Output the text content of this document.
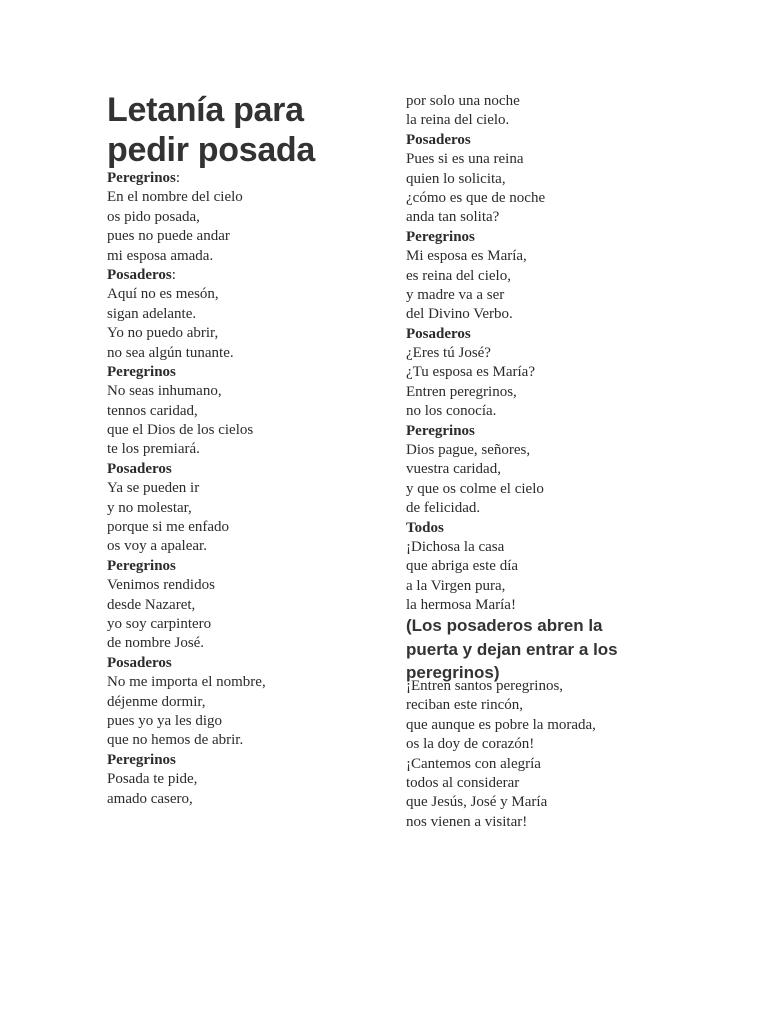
Letanía para
pedir posada
Peregrinos:
En el nombre del cielo
os pido posada,
pues no puede andar
mi esposa amada.
Posaderos:
Aquí no es mesón,
sigan adelante.
Yo no puedo abrir,
no sea algún tunante.
Peregrinos
No seas inhumano,
tennos caridad,
que el Dios de los cielos
te los premiará.
Posaderos
Ya se pueden ir
y no molestar,
porque si me enfado
os voy a apalear.
Peregrinos
Venimos rendidos
desde Nazaret,
yo soy carpintero
de nombre José.
Posaderos
No me importa el nombre,
déjenme dormir,
pues yo ya les digo
que no hemos de abrir.
Peregrinos
Posada te pide,
amado casero,
por solo una noche
la reina del cielo.
Posaderos
Pues si es una reina
quien lo solicita,
¿cómo es que de noche
anda tan solita?
Peregrinos
Mi esposa es María,
es reina del cielo,
y madre va a ser
del Divino Verbo.
Posaderos
¿Eres tú José?
¿Tu esposa es María?
Entren peregrinos,
no los conocía.
Peregrinos
Dios pague, señores,
vuestra caridad,
y que os colme el cielo
de felicidad.
Todos
¡Dichosa la casa
que abriga este día
a la Virgen pura,
la hermosa María!
(Los posaderos abren la
puerta y dejan entrar a los
peregrinos)
¡Entren santos peregrinos,
reciban este rincón,
que aunque es pobre la morada,
os la doy de corazón!
¡Cantemos con alegría
todos al considerar
que Jesús, José y María
nos vienen a visitar!
